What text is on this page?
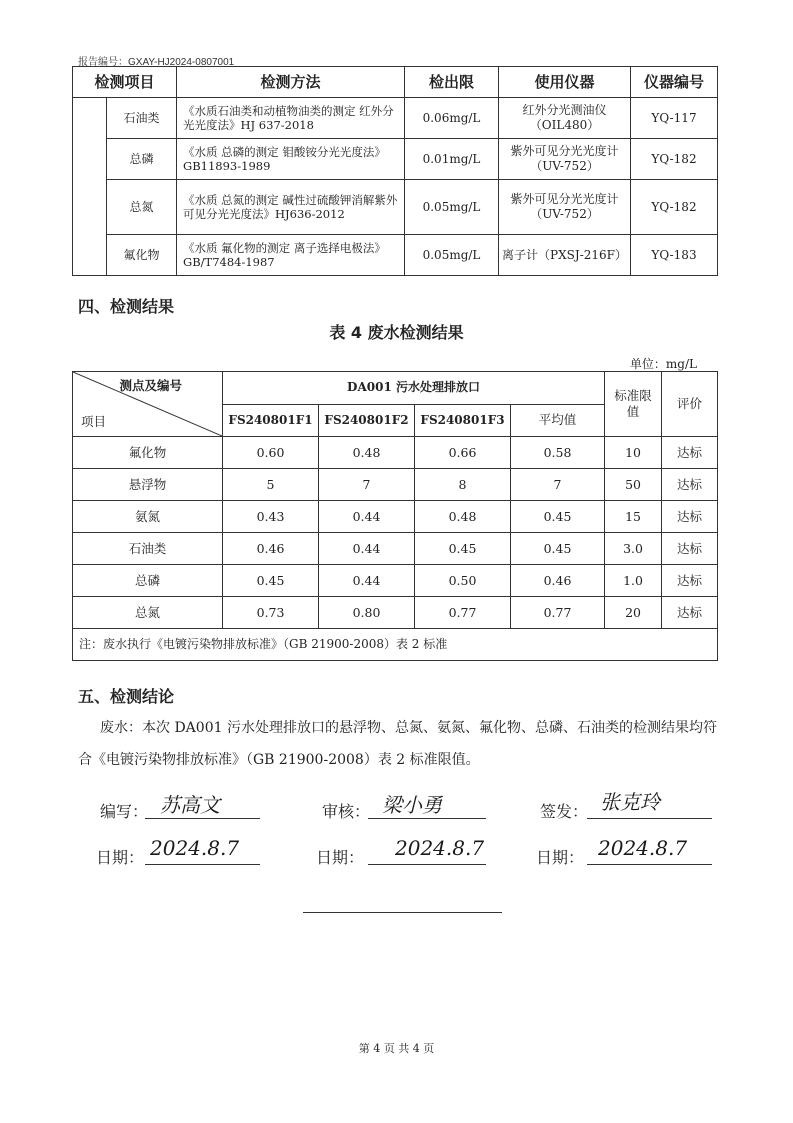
报告编号：GXAY-HJ2024-0807001
检测项目		检测方法	检出限	使用仪器	仪器编号
	石油类	《水质石油类和动植物油类的测定 红外分光光度法》HJ 637-2018	0.06mg/L	红外分光测油仪（OIL480）	YQ-117
	总磷	《水质 总磷的测定 钼酸铵分光光度法》GB11893-1989	0.01mg/L	紫外可见分光光度计（UV-752）	YQ-182
	总氮	《水质 总氮的测定 碱性过硫酸钾消解紫外可见分光光度法》HJ636-2012	0.05mg/L	紫外可见分光光度计（UV-752）	YQ-182
	氟化物	《水质 氟化物的测定 离子选择电极法》GB/T7484-1987	0.05mg/L	离子计（PXSJ-216F）	YQ-183
四、检测结果
表 4 废水检测结果
单位：mg/L
测点及编号
项目	DA001 污水处理排放口				标准限值	评价
	FS240801F1	FS240801F2	FS240801F3	平均值		
氟化物	0.60	0.48	0.66	0.58	10	达标
悬浮物	5	7	8	7	50	达标
氨氮	0.43	0.44	0.48	0.45	15	达标
石油类	0.46	0.44	0.45	0.45	3.0	达标
总磷	0.45	0.44	0.50	0.46	1.0	达标
总氮	0.73	0.80	0.77	0.77	20	达标
注：废水执行《电镀污染物排放标准》（GB 21900-2008）表 2 标准						
五、检测结论
废水：本次 DA001 污水处理排放口的悬浮物、总氮、氨氮、氟化物、总磷、石油类的检测结果均符合《电镀污染物排放标准》（GB 21900-2008）表 2 标准限值。
编写： 苏高文	审核： 梁小勇	签发： 张克玲
日期： 2024.8.7	日期： 2024.8.7	日期： 2024.8.7
第 4 页 共 4 页
